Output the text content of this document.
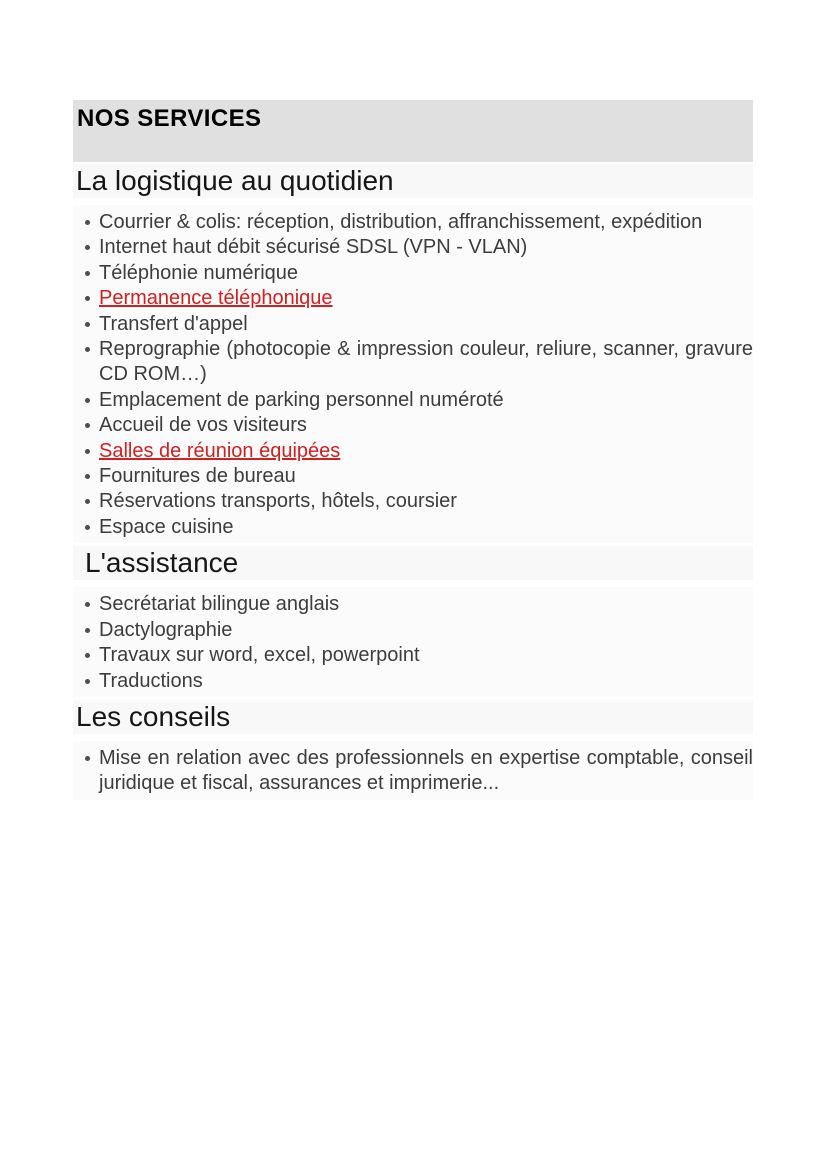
NOS SERVICES
La logistique au quotidien
Courrier & colis: réception, distribution, affranchissement, expédition
Internet haut débit sécurisé SDSL (VPN - VLAN)
Téléphonie numérique
Permanence téléphonique
Transfert d'appel
Reprographie (photocopie & impression couleur, reliure, scanner, gravure CD ROM…)
Emplacement de parking personnel numéroté
Accueil de vos visiteurs
Salles de réunion équipées
Fournitures de bureau
Réservations transports, hôtels, coursier
Espace cuisine
L'assistance
Secrétariat bilingue anglais
Dactylographie
Travaux sur word, excel, powerpoint
Traductions
Les conseils
Mise en relation avec des professionnels en expertise comptable, conseil juridique et fiscal, assurances et imprimerie...
